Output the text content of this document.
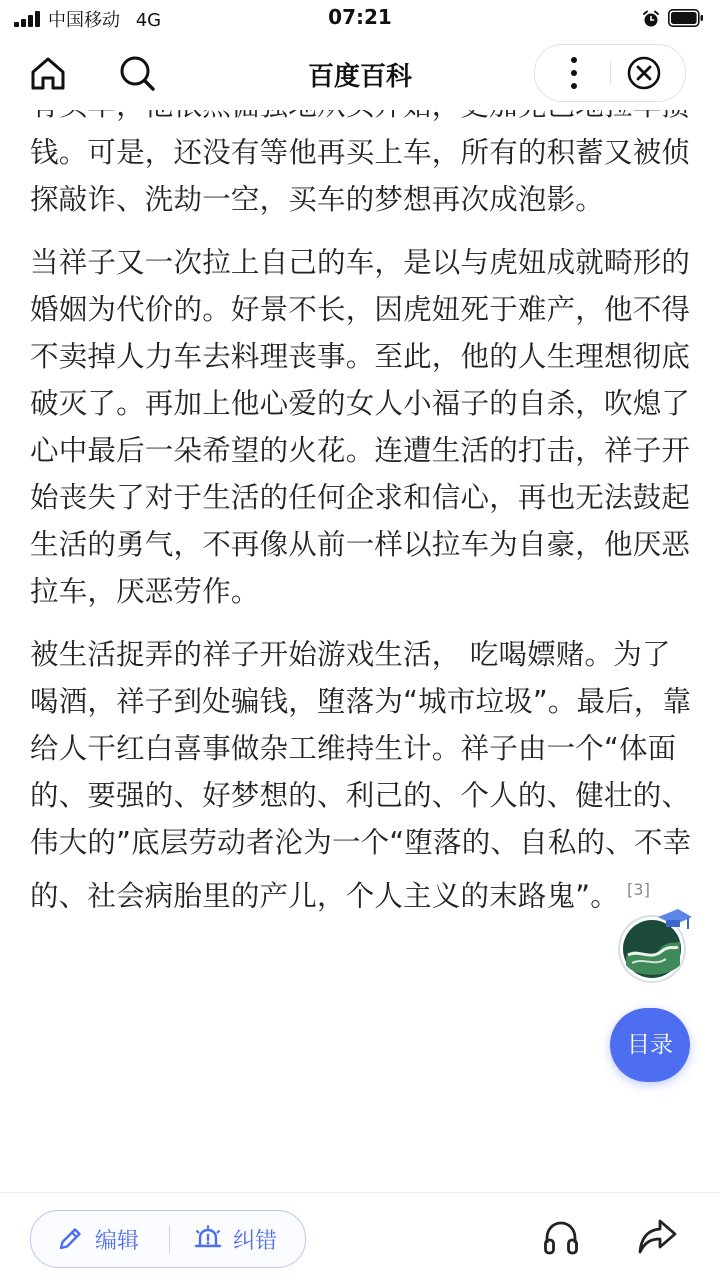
中国移动 4G	07:21
百度百科

钱。可是，还没有等他再买上车，所有的积蓄又被侦探敲诈、洗劫一空，买车的梦想再次成泡影。

当祥子又一次拉上自己的车，是以与虎妞成就畸形的婚姻为代价的。好景不长，因虎妞死于难产，他不得不卖掉人力车去料理丧事。至此，他的人生理想彻底破灭了。再加上他心爱的女人小福子的自杀，吹熄了心中最后一朵希望的火花。连遭生活的打击，祥子开始丧失了对于生活的任何企求和信心，再也无法鼓起生活的勇气，不再像从前一样以拉车为自豪，他厌恶拉车，厌恶劳作。

被生活捉弄的祥子开始游戏生活， 吃喝嫖赌。为了喝酒，祥子到处骗钱，堕落为“城市垃圾”。最后，靠给人干红白喜事做杂工维持生计。祥子由一个“体面的、要强的、好梦想的、利己的、个人的、健壮的、伟大的”底层劳动者沦为一个“堕落的、自私的、不幸的、社会病胎里的产儿，个人主义的末路鬼”。 [3]

目录
编辑	纠错
